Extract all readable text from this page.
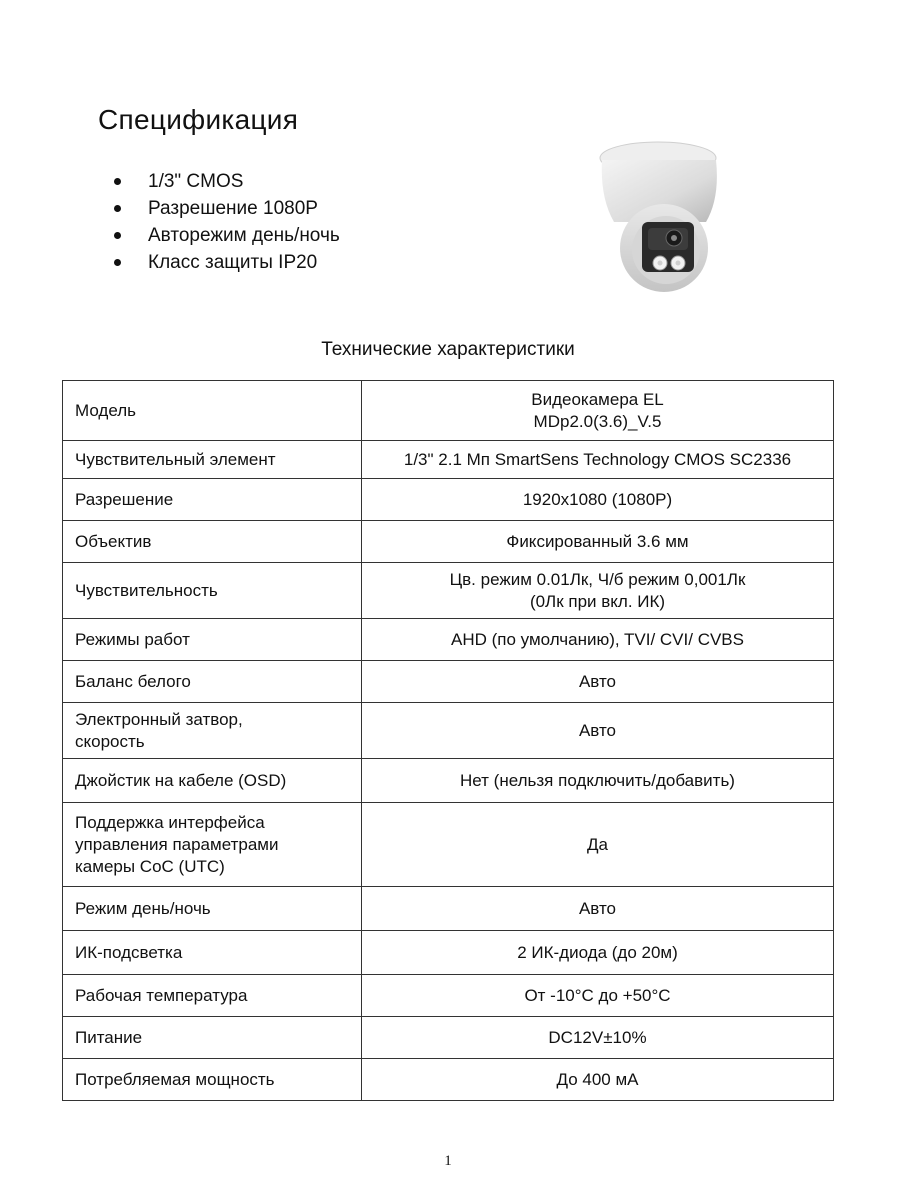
Спецификация
1/3" CMOS
Разрешение 1080P
Авторежим день/ночь
Класс защиты IP20
Технические характеристики
Модель	Видеокамера EL
MDp2.0(3.6)_V.5
Чувствительный элемент	1/3" 2.1 Мп SmartSens Technology CMOS SC2336
Разрешение	1920x1080 (1080P)
Объектив	Фиксированный 3.6 мм
Чувствительность	Цв. режим 0.01Лк, Ч/б режим 0,001Лк
(0Лк при вкл. ИК)
Режимы работ	AHD (по умолчанию), TVI/ CVI/ CVBS
Баланс белого	Авто
Электронный затвор,
скорость	Авто
Джойстик на кабеле (OSD)	Нет (нельзя подключить/добавить)
Поддержка интерфейса
управления параметрами
камеры CoC (UTC)	Да
Режим день/ночь	Авто
ИК-подсветка	2 ИК-диода (до 20м)
Рабочая температура	От -10°C до +50°C
Питание	DC12V±10%
Потребляемая мощность	До 400 мА
1
